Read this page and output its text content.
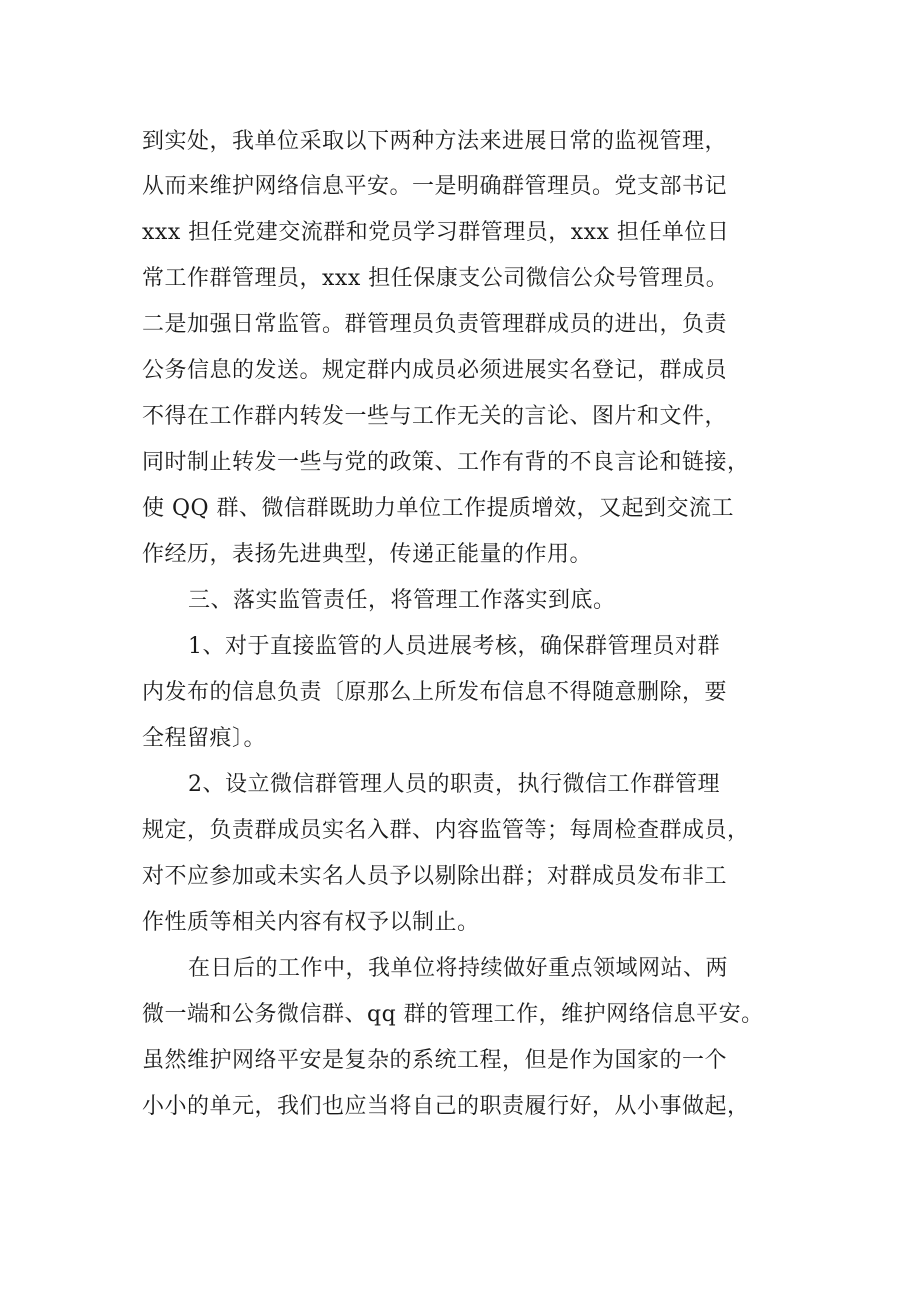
到实处，我单位采取以下两种方法来进展日常的监视管理，

从而来维护网络信息平安。一是明确群管理员。党支部书记

xxx 担任党建交流群和党员学习群管理员，xxx 担任单位日

常工作群管理员，xxx 担任保康支公司微信公众号管理员。

二是加强日常监管。群管理员负责管理群成员的进出，负责

公务信息的发送。规定群内成员必须进展实名登记，群成员

不得在工作群内转发一些与工作无关的言论、图片和文件，

同时制止转发一些与党的政策、工作有背的不良言论和链接，

使 QQ 群、微信群既助力单位工作提质增效，又起到交流工

作经历，表扬先进典型，传递正能量的作用。

三、落实监管责任，将管理工作落实到底。

1、对于直接监管的人员进展考核，确保群管理员对群

内发布的信息负责〔原那么上所发布信息不得随意删除，要

全程留痕〕。

2、设立微信群管理人员的职责，执行微信工作群管理

规定，负责群成员实名入群、内容监管等；每周检查群成员，

对不应参加或未实名人员予以剔除出群；对群成员发布非工

作性质等相关内容有权予以制止。

在日后的工作中，我单位将持续做好重点领域网站、两

微一端和公务微信群、qq 群的管理工作，维护网络信息平安。

虽然维护网络平安是复杂的系统工程，但是作为国家的一个

小小的单元，我们也应当将自己的职责履行好，从小事做起，
